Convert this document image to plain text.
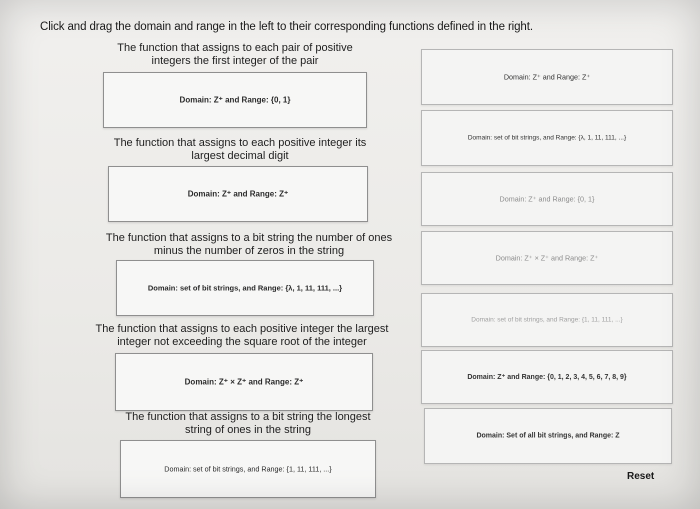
Click and drag the domain and range in the left to their corresponding functions defined in the right.
The function that assigns to each pair of positive
integers the first integer of the pair
Domain: Z⁺ and Range: {0, 1}
The function that assigns to each positive integer its
largest decimal digit
Domain: Z⁺ and Range: Z⁺
The function that assigns to a bit string the number of ones
minus the number of zeros in the string
Domain: set of bit strings, and Range: {λ, 1, 11, 111, ...}
The function that assigns to each positive integer the largest
integer not exceeding the square root of the integer
Domain: Z⁺ × Z⁺ and Range: Z⁺
The function that assigns to a bit string the longest
string of ones in the string
Domain: set of bit strings, and Range: {1, 11, 111, ...}
Domain: Z⁺ and Range: Z⁺
Domain: set of bit strings, and Range: {λ, 1, 11, 111, ...}
Domain: Z⁺ and Range: {0, 1}
Domain: Z⁺ × Z⁺ and Range: Z⁺
Domain: set of bit strings, and Range: {1, 11, 111, ...}
Domain: Z⁺ and Range: {0, 1, 2, 3, 4, 5, 6, 7, 8, 9}
Domain: Set of all bit strings, and Range: Z
Reset
